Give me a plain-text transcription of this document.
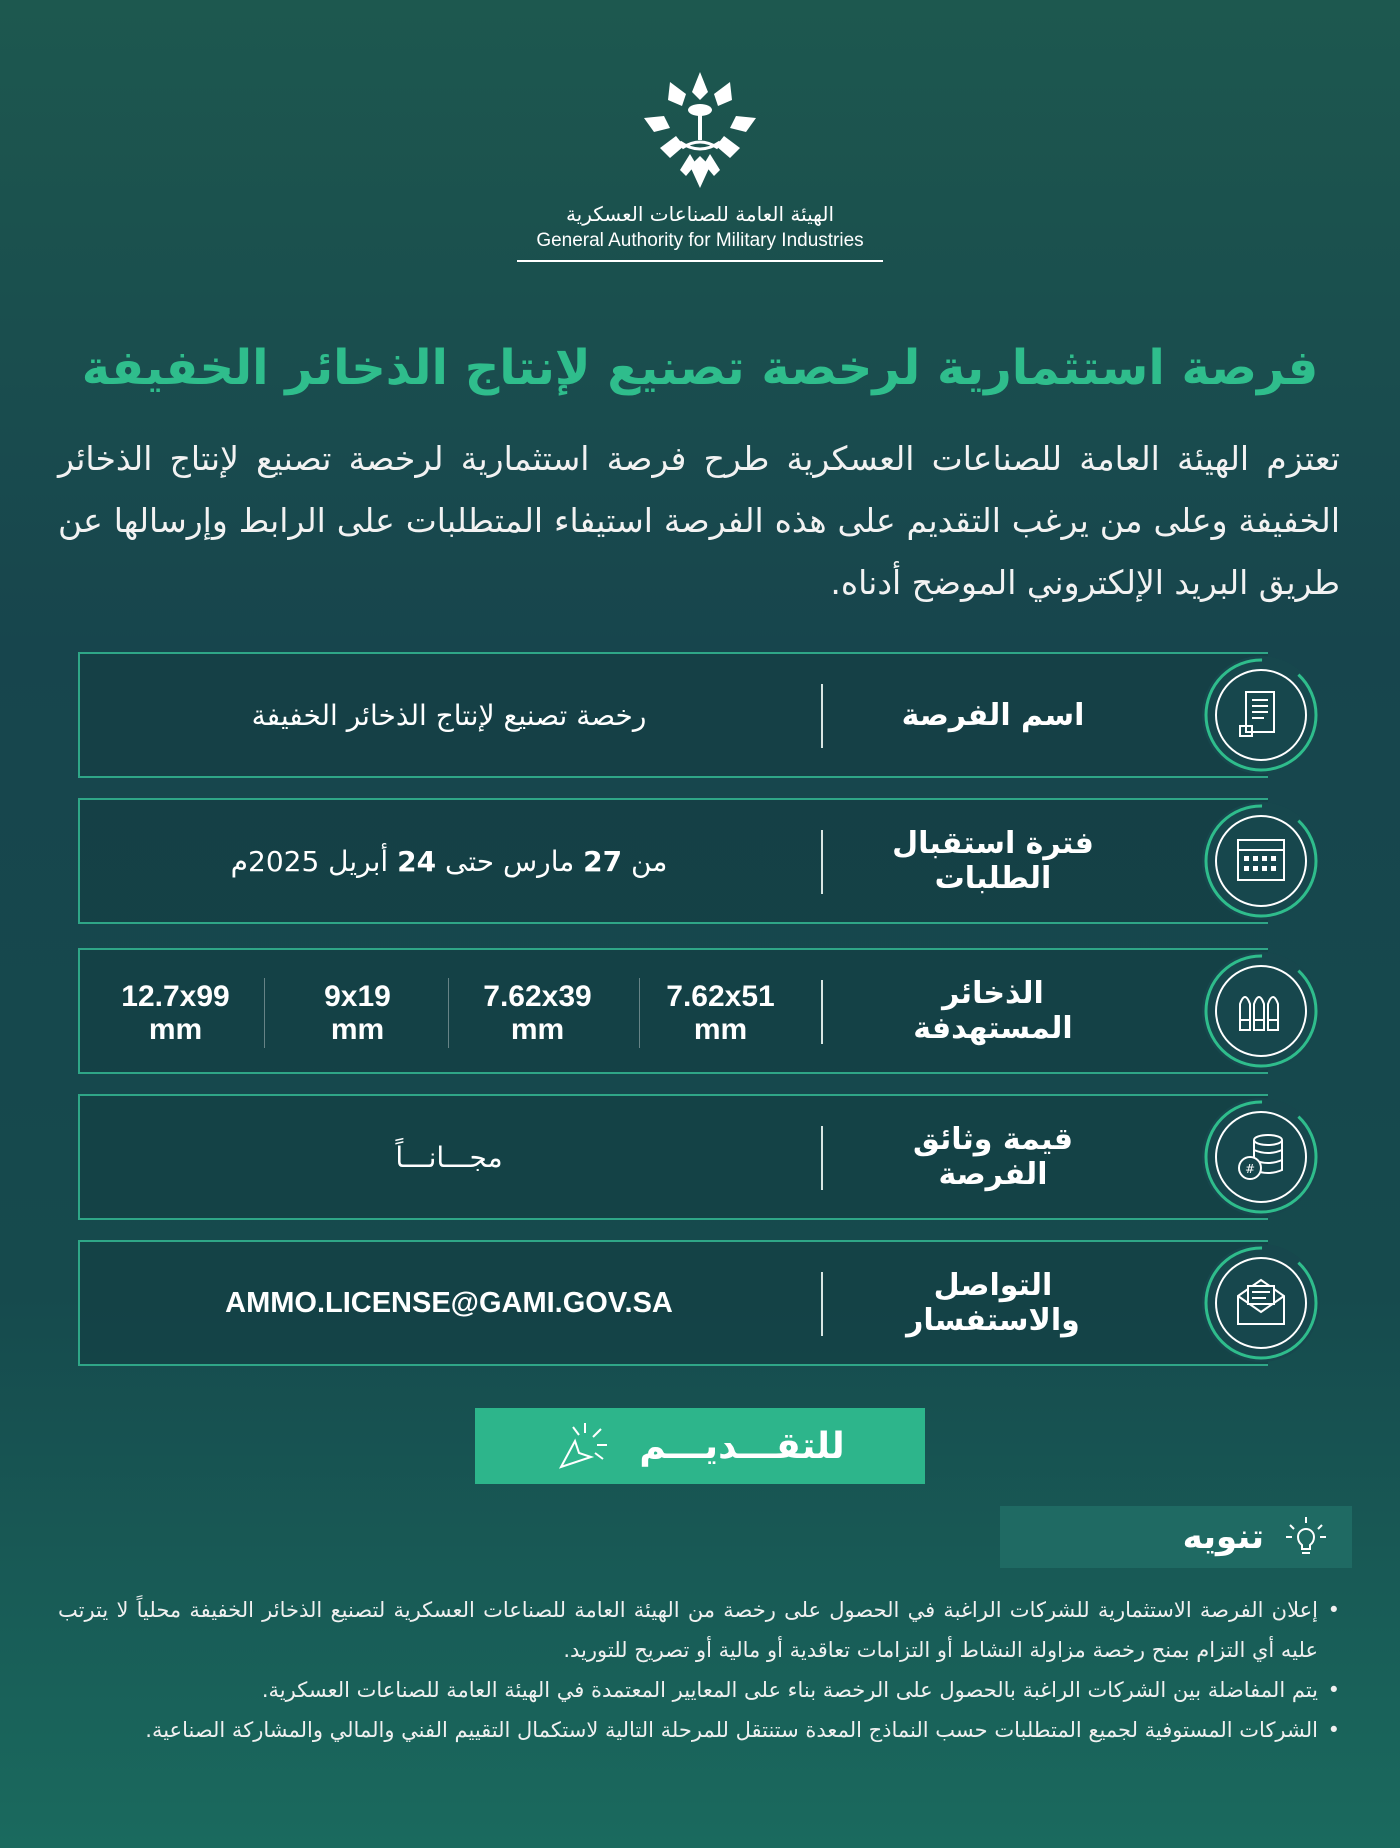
الهيئة العامة للصناعات العسكرية
General Authority for Military Industries
فرصة استثمارية لرخصة تصنيع لإنتاج الذخائر الخفيفة

تعتزم الهيئة العامة للصناعات العسكرية طرح فرصة استثمارية لرخصة تصنيع لإنتاج الذخائر الخفيفة وعلى من يرغب التقديم على هذه الفرصة استيفاء المتطلبات على الرابط وإرسالها عن طريق البريد الإلكتروني الموضح أدناه.

اسم الفرصة
رخصة تصنيع لإنتاج الذخائر الخفيفة
فترة استقبال الطلبات
من

27

مارس

حتى

24

أبريل 2025م
الذخائر المستهدفة
7.62x51
mm
7.62x39
mm
9x19
mm
12.7x99
mm
#
قيمة وثائق الفرصة
مجـــانـــاً
التواصل والاستفسار
AMMO.LICENSE@GAMI.GOV.SA
للتقـــديـــم
تنويه
• إعلان الفرصة الاستثمارية للشركات الراغبة في الحصول على رخصة من الهيئة العامة للصناعات العسكرية لتصنيع الذخائر الخفيفة محلياً لا يترتب عليه أي التزام بمنح رخصة مزاولة النشاط أو التزامات تعاقدية أو مالية أو تصريح للتوريد.
• يتم المفاضلة بين الشركات الراغبة بالحصول على الرخصة بناء على المعايير المعتمدة في الهيئة العامة للصناعات العسكرية.
• الشركات المستوفية لجميع المتطلبات حسب النماذج المعدة ستنتقل للمرحلة التالية لاستكمال التقييم الفني والمالي والمشاركة الصناعية.
